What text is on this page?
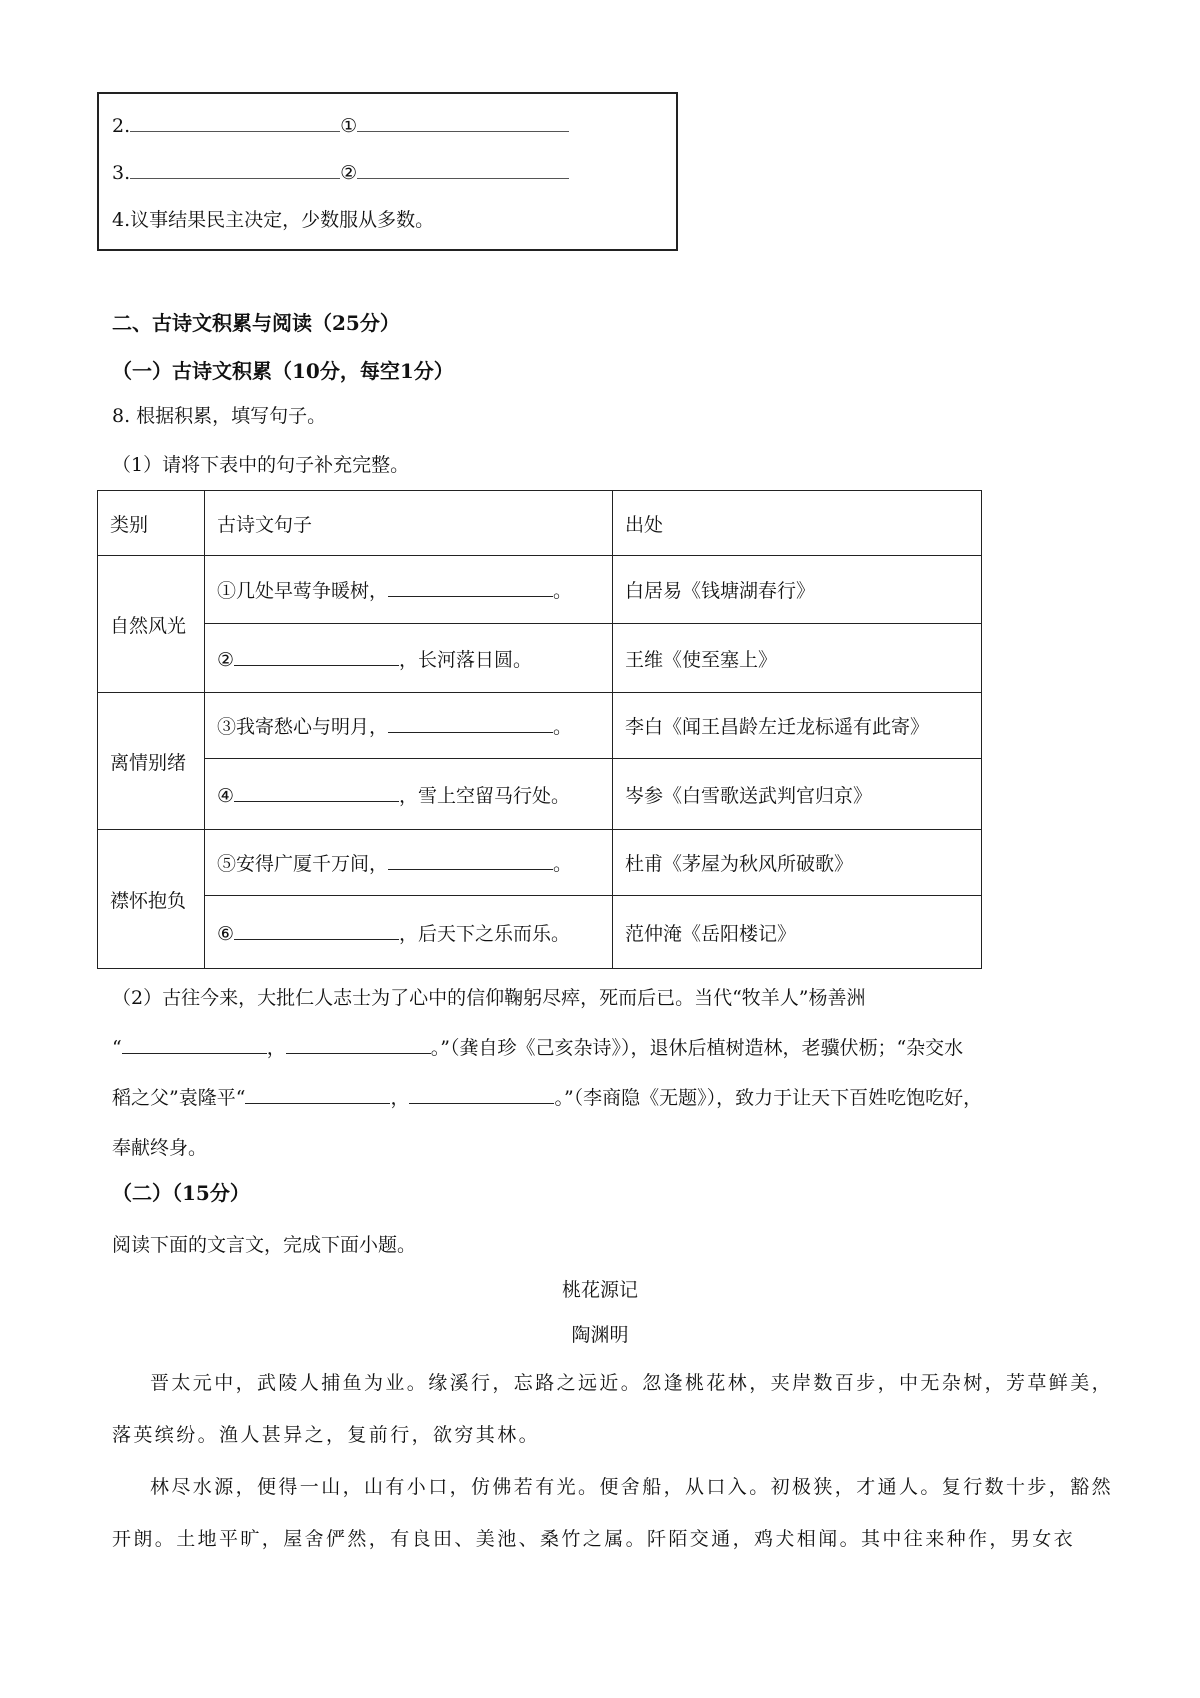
2.	①
3.	②
4.议事结果民主决定，少数服从多数。
二、古诗文积累与阅读（25分）
（一）古诗文积累（10分，每空1分）
8. 根据积累，填写句子。
（1）请将下表中的句子补充完整。
类别	古诗文句子	出处
自然风光	①几处早莺争暖树， 。	白居易《钱塘湖春行》
	② ，长河落日圆。	王维《使至塞上》
离情别绪	③我寄愁心与明月， 。	李白《闻王昌龄左迁龙标遥有此寄》
	④ ，雪上空留马行处。	岑参《白雪歌送武判官归京》
襟怀抱负	⑤安得广厦千万间， 。	杜甫《茅屋为秋风所破歌》
	⑥ ，后天下之乐而乐。	范仲淹《岳阳楼记》
（2）古往今来，大批仁人志士为了心中的信仰鞠躬尽瘁，死而后已。当代“牧羊人”杨善洲
“	，	。”（龚自珍《己亥杂诗》），退休后植树造林，老骥伏枥；“杂交水
稻之父”袁隆平“	，	。”（李商隐《无题》），致力于让天下百姓吃饱吃好，
奉献终身。
（二）（15分）
阅读下面的文言文，完成下面小题。
桃花源记
陶渊明
晋太元中，武陵人捕鱼为业。缘溪行，忘路之远近。忽逢桃花林，夹岸数百步，中无杂树，芳草鲜美，落英缤纷。渔人甚异之，复前行，欲穷其林。
林尽水源，便得一山，山有小口，仿佛若有光。便舍船，从口入。初极狭，才通人。复行数十步，豁然开朗。土地平旷，屋舍俨然，有良田、美池、桑竹之属。阡陌交通，鸡犬相闻。其中往来种作，男女衣
